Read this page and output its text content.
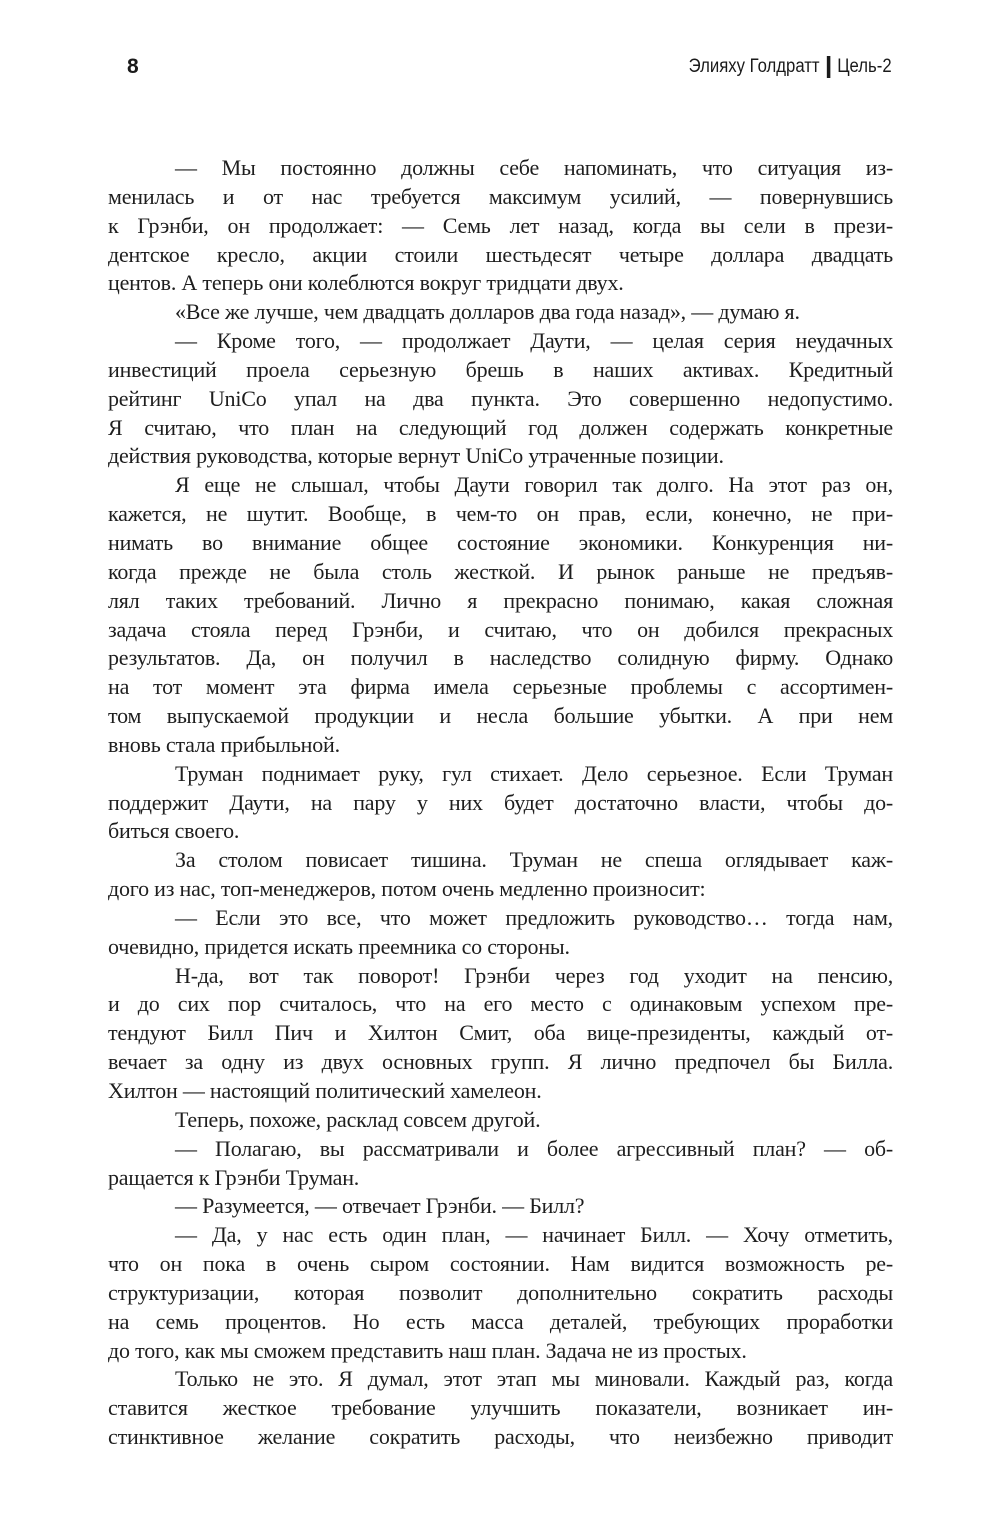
8	Элияху Голдратт Цель-2
— Мы постоянно должны себе напоминать, что ситуация из-
менилась и от нас требуется максимум усилий, — повернувшись
к Грэнби, он продолжает: — Семь лет назад, когда вы сели в прези-
дентское кресло, акции стоили шестьдесят четыре доллара двадцать
центов. А теперь они колеблются вокруг тридцати двух.
«Все же лучше, чем двадцать долларов два года назад», — думаю я.
— Кроме того, — продолжает Даути, — целая серия неудачных
инвестиций проела серьезную брешь в наших активах. Кредитный
рейтинг UniCo упал на два пункта. Это совершенно недопустимо.
Я считаю, что план на следующий год должен содержать конкретные
действия руководства, которые вернут UniCo утраченные позиции.
Я еще не слышал, чтобы Даути говорил так долго. На этот раз он,
кажется, не шутит. Вообще, в чем-то он прав, если, конечно, не при-
нимать во внимание общее состояние экономики. Конкуренция ни-
когда прежде не была столь жесткой. И рынок раньше не предъяв-
лял таких требований. Лично я прекрасно понимаю, какая сложная
задача стояла перед Грэнби, и считаю, что он добился прекрасных
результатов. Да, он получил в наследство солидную фирму. Однако
на тот момент эта фирма имела серьезные проблемы с ассортимен-
том выпускаемой продукции и несла большие убытки. А при нем
вновь стала прибыльной.
Труман поднимает руку, гул стихает. Дело серьезное. Если Труман
поддержит Даути, на пару у них будет достаточно власти, чтобы до-
биться своего.
За столом повисает тишина. Труман не спеша оглядывает каж-
дого из нас, топ-менеджеров, потом очень медленно произносит:
— Если это все, что может предложить руководство… тогда нам,
очевидно, придется искать преемника со стороны.
Н-да, вот так поворот! Грэнби через год уходит на пенсию,
и до сих пор считалось, что на его место с одинаковым успехом пре-
тендуют Билл Пич и Хилтон Смит, оба вице-президенты, каждый от-
вечает за одну из двух основных групп. Я лично предпочел бы Билла.
Хилтон — настоящий политический хамелеон.
Теперь, похоже, расклад совсем другой.
— Полагаю, вы рассматривали и более агрессивный план? — об-
ращается к Грэнби Труман.
— Разумеется, — отвечает Грэнби. — Билл?
— Да, у нас есть один план, — начинает Билл. — Хочу отметить,
что он пока в очень сыром состоянии. Нам видится возможность ре-
структуризации, которая позволит дополнительно сократить расходы
на семь процентов. Но есть масса деталей, требующих проработки
до того, как мы сможем представить наш план. Задача не из простых.
Только не это. Я думал, этот этап мы миновали. Каждый раз, когда
ставится жесткое требование улучшить показатели, возникает ин-
стинктивное желание сократить расходы, что неизбежно приводит
